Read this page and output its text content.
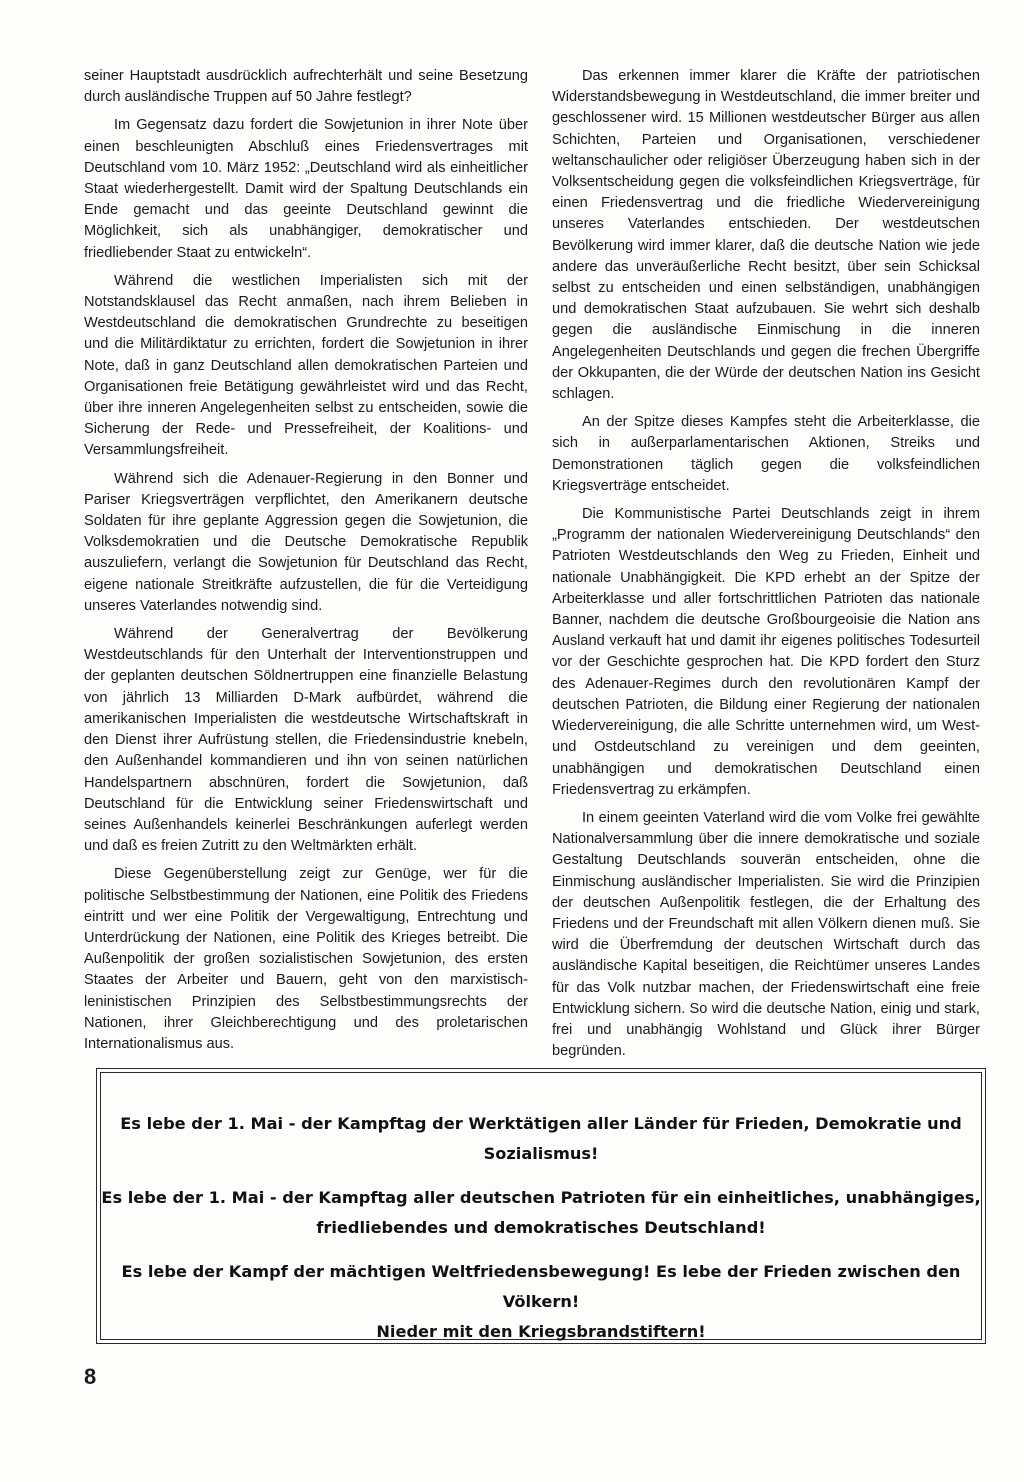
seiner Hauptstadt ausdrücklich aufrechterhält und seine Besetzung durch ausländische Truppen auf 50 Jahre festlegt?

Im Gegensatz dazu fordert die Sowjetunion in ihrer Note über einen beschleunigten Abschluß eines Friedensvertrages mit Deutschland vom 10. März 1952: „Deutschland wird als einheitlicher Staat wiederhergestellt. Damit wird der Spaltung Deutschlands ein Ende gemacht und das geeinte Deutschland gewinnt die Möglichkeit, sich als unabhängiger, demokratischer und friedliebender Staat zu entwickeln“.

Während die westlichen Imperialisten sich mit der Notstandsklausel das Recht anmaßen, nach ihrem Belieben in Westdeutschland die demokratischen Grundrechte zu beseitigen und die Militärdiktatur zu errichten, fordert die Sowjetunion in ihrer Note, daß in ganz Deutschland allen demokratischen Parteien und Organisationen freie Betätigung gewährleistet wird und das Recht, über ihre inneren Angelegenheiten selbst zu entscheiden, sowie die Sicherung der Rede- und Pressefreiheit, der Koalitions- und Versammlungsfreiheit.

Während sich die Adenauer-Regierung in den Bonner und Pariser Kriegsverträgen verpflichtet, den Amerikanern deutsche Soldaten für ihre geplante Aggression gegen die Sowjetunion, die Volksdemokratien und die Deutsche Demokratische Republik auszuliefern, verlangt die Sowjetunion für Deutschland das Recht, eigene nationale Streitkräfte aufzustellen, die für die Verteidigung unseres Vaterlandes notwendig sind.

Während der Generalvertrag der Bevölkerung Westdeutschlands für den Unterhalt der Interventionstruppen und der geplanten deutschen Söldnertruppen eine finanzielle Belastung von jährlich 13 Milliarden D-Mark aufbürdet, während die amerikanischen Imperialisten die westdeutsche Wirtschaftskraft in den Dienst ihrer Aufrüstung stellen, die Friedensindustrie knebeln, den Außenhandel kommandieren und ihn von seinen natürlichen Handelspartnern abschnüren, fordert die Sowjetunion, daß Deutschland für die Entwicklung seiner Friedenswirtschaft und seines Außenhandels keinerlei Beschränkungen auferlegt werden und daß es freien Zutritt zu den Weltmärkten erhält.

Diese Gegenüberstellung zeigt zur Genüge, wer für die politische Selbstbestimmung der Nationen, eine Politik des Friedens eintritt und wer eine Politik der Vergewaltigung, Entrechtung und Unterdrückung der Nationen, eine Politik des Krieges betreibt. Die Außenpolitik der großen sozialistischen Sowjetunion, des ersten Staates der Arbeiter und Bauern, geht von den marxistisch-leninistischen Prinzipien des Selbstbestimmungsrechts der Nationen, ihrer Gleichberechtigung und des proletarischen Internationalismus aus.

Das erkennen immer klarer die Kräfte der patriotischen Widerstandsbewegung in Westdeutschland, die immer breiter und geschlossener wird. 15 Millionen westdeutscher Bürger aus allen Schichten, Parteien und Organisationen, verschiedener weltanschaulicher oder religiöser Überzeugung haben sich in der Volksentscheidung gegen die volksfeindlichen Kriegsverträge, für einen Friedensvertrag und die friedliche Wiedervereinigung unseres Vaterlandes entschieden. Der westdeutschen Bevölkerung wird immer klarer, daß die deutsche Nation wie jede andere das unveräußerliche Recht besitzt, über sein Schicksal selbst zu entscheiden und einen selbständigen, unabhängigen und demokratischen Staat aufzubauen. Sie wehrt sich deshalb gegen die ausländische Einmischung in die inneren Angelegenheiten Deutschlands und gegen die frechen Übergriffe der Okkupanten, die der Würde der deutschen Nation ins Gesicht schlagen.

An der Spitze dieses Kampfes steht die Arbeiterklasse, die sich in außerparlamentarischen Aktionen, Streiks und Demonstrationen täglich gegen die volksfeindlichen Kriegsverträge entscheidet.

Die Kommunistische Partei Deutschlands zeigt in ihrem „Programm der nationalen Wiedervereinigung Deutschlands“ den Patrioten Westdeutschlands den Weg zu Frieden, Einheit und nationale Unabhängigkeit. Die KPD erhebt an der Spitze der Arbeiterklasse und aller fortschrittlichen Patrioten das nationale Banner, nachdem die deutsche Großbourgeoisie die Nation ans Ausland verkauft hat und damit ihr eigenes politisches Todesurteil vor der Geschichte gesprochen hat. Die KPD fordert den Sturz des Adenauer-Regimes durch den revolutionären Kampf der deutschen Patrioten, die Bildung einer Regierung der nationalen Wiedervereinigung, die alle Schritte unternehmen wird, um West- und Ostdeutschland zu vereinigen und dem geeinten, unabhängigen und demokratischen Deutschland einen Friedensvertrag zu erkämpfen.

In einem geeinten Vaterland wird die vom Volke frei gewählte Nationalversammlung über die innere demokratische und soziale Gestaltung Deutschlands souverän entscheiden, ohne die Einmischung ausländischer Imperialisten. Sie wird die Prinzipien der deutschen Außenpolitik festlegen, die der Erhaltung des Friedens und der Freundschaft mit allen Völkern dienen muß. Sie wird die Überfremdung der deutschen Wirtschaft durch das ausländische Kapital beseitigen, die Reichtümer unseres Landes für das Volk nutzbar machen, der Friedenswirtschaft eine freie Entwicklung sichern. So wird die deutsche Nation, einig und stark, frei und unabhängig Wohlstand und Glück ihrer Bürger begründen.

Es lebe der 1. Mai - der Kampftag der Werktätigen aller Länder für Frieden, Demokratie und Sozialismus!
Es lebe der 1. Mai - der Kampftag aller deutschen Patrioten für ein einheitliches, unabhängiges,
friedliebendes und demokratisches Deutschland!
Es lebe der Kampf der mächtigen Weltfriedensbewegung! Es lebe der Frieden zwischen den Völkern!
Nieder mit den Kriegsbrandstiftern!
8
